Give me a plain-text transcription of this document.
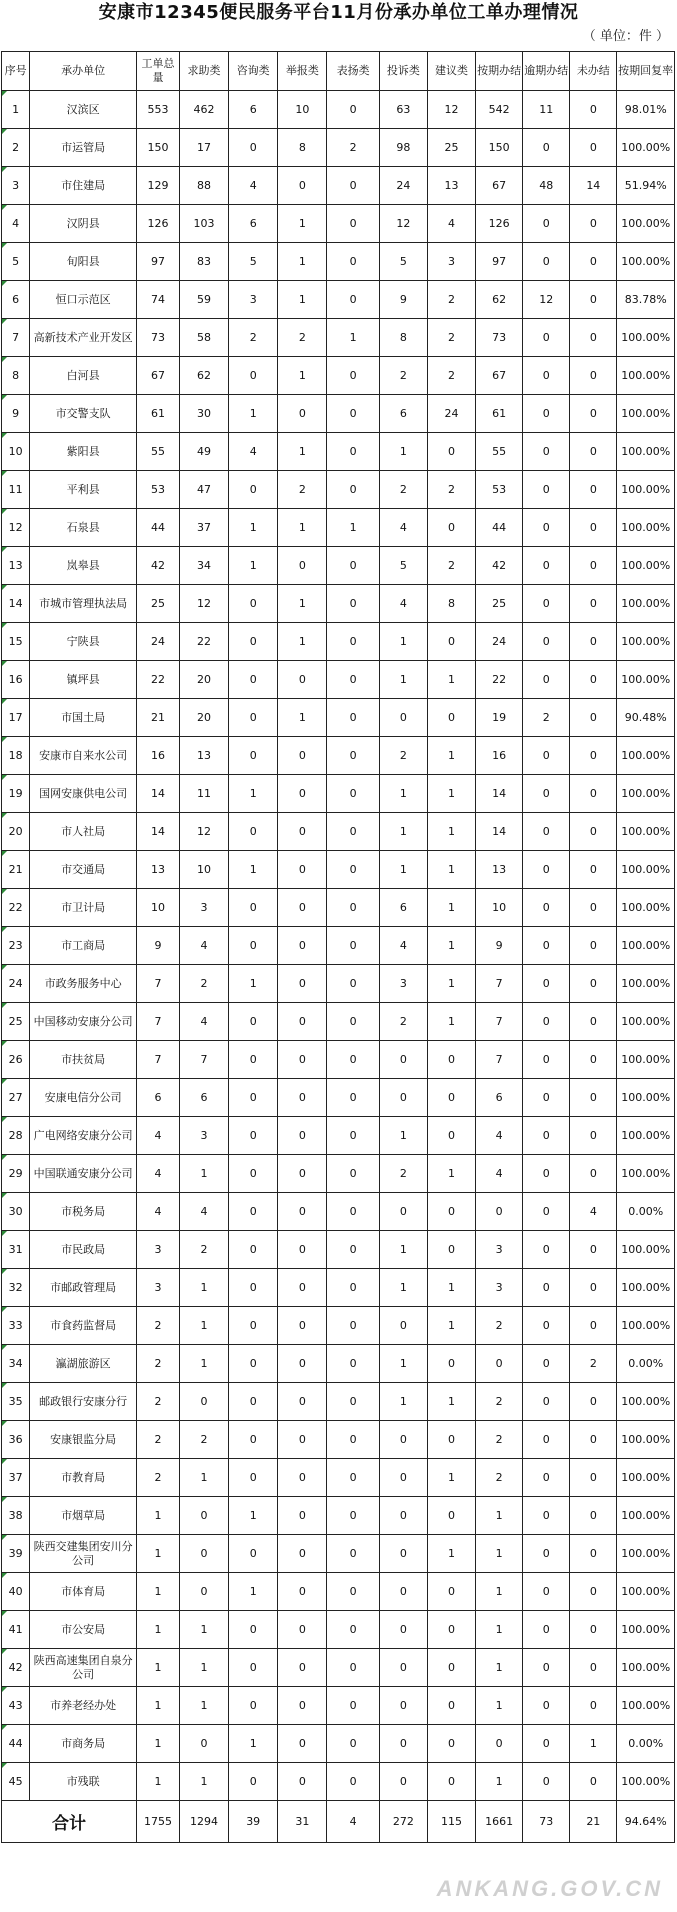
安康市12345便民服务平台11月份承办单位工单办理情况
（ 单位：件 ）
序号	承办单位	工单总量	求助类	咨询类	举报类	表扬类	投诉类	建议类	按期办结	逾期办结	未办结	按期回复率
1	汉滨区	553	462	6	10	0	63	12	542	11	0	98.01%
2	市运管局	150	17	0	8	2	98	25	150	0	0	100.00%
3	市住建局	129	88	4	0	0	24	13	67	48	14	51.94%
4	汉阴县	126	103	6	1	0	12	4	126	0	0	100.00%
5	旬阳县	97	83	5	1	0	5	3	97	0	0	100.00%
6	恒口示范区	74	59	3	1	0	9	2	62	12	0	83.78%
7	高新技术产业开发区	73	58	2	2	1	8	2	73	0	0	100.00%
8	白河县	67	62	0	1	0	2	2	67	0	0	100.00%
9	市交警支队	61	30	1	0	0	6	24	61	0	0	100.00%
10	紫阳县	55	49	4	1	0	1	0	55	0	0	100.00%
11	平利县	53	47	0	2	0	2	2	53	0	0	100.00%
12	石泉县	44	37	1	1	1	4	0	44	0	0	100.00%
13	岚皋县	42	34	1	0	0	5	2	42	0	0	100.00%
14	市城市管理执法局	25	12	0	1	0	4	8	25	0	0	100.00%
15	宁陕县	24	22	0	1	0	1	0	24	0	0	100.00%
16	镇坪县	22	20	0	0	0	1	1	22	0	0	100.00%
17	市国土局	21	20	0	1	0	0	0	19	2	0	90.48%
18	安康市自来水公司	16	13	0	0	0	2	1	16	0	0	100.00%
19	国网安康供电公司	14	11	1	0	0	1	1	14	0	0	100.00%
20	市人社局	14	12	0	0	0	1	1	14	0	0	100.00%
21	市交通局	13	10	1	0	0	1	1	13	0	0	100.00%
22	市卫计局	10	3	0	0	0	6	1	10	0	0	100.00%
23	市工商局	9	4	0	0	0	4	1	9	0	0	100.00%
24	市政务服务中心	7	2	1	0	0	3	1	7	0	0	100.00%
25	中国移动安康分公司	7	4	0	0	0	2	1	7	0	0	100.00%
26	市扶贫局	7	7	0	0	0	0	0	7	0	0	100.00%
27	安康电信分公司	6	6	0	0	0	0	0	6	0	0	100.00%
28	广电网络安康分公司	4	3	0	0	0	1	0	4	0	0	100.00%
29	中国联通安康分公司	4	1	0	0	0	2	1	4	0	0	100.00%
30	市税务局	4	4	0	0	0	0	0	0	0	4	0.00%
31	市民政局	3	2	0	0	0	1	0	3	0	0	100.00%
32	市邮政管理局	3	1	0	0	0	1	1	3	0	0	100.00%
33	市食药监督局	2	1	0	0	0	0	1	2	0	0	100.00%
34	瀛湖旅游区	2	1	0	0	0	1	0	0	0	2	0.00%
35	邮政银行安康分行	2	0	0	0	0	1	1	2	0	0	100.00%
36	安康银监分局	2	2	0	0	0	0	0	2	0	0	100.00%
37	市教育局	2	1	0	0	0	0	1	2	0	0	100.00%
38	市烟草局	1	0	1	0	0	0	0	1	0	0	100.00%
39	陕西交建集团安川分公司	1	0	0	0	0	0	1	1	0	0	100.00%
40	市体育局	1	0	1	0	0	0	0	1	0	0	100.00%
41	市公安局	1	1	0	0	0	0	0	1	0	0	100.00%
42	陕西高速集团自泉分公司	1	1	0	0	0	0	0	1	0	0	100.00%
43	市养老经办处	1	1	0	0	0	0	0	1	0	0	100.00%
44	市商务局	1	0	1	0	0	0	0	0	0	1	0.00%
45	市残联	1	1	0	0	0	0	0	1	0	0	100.00%
合计		1755	1294	39	31	4	272	115	1661	73	21	94.64%
ANKANG.GOV.CN
